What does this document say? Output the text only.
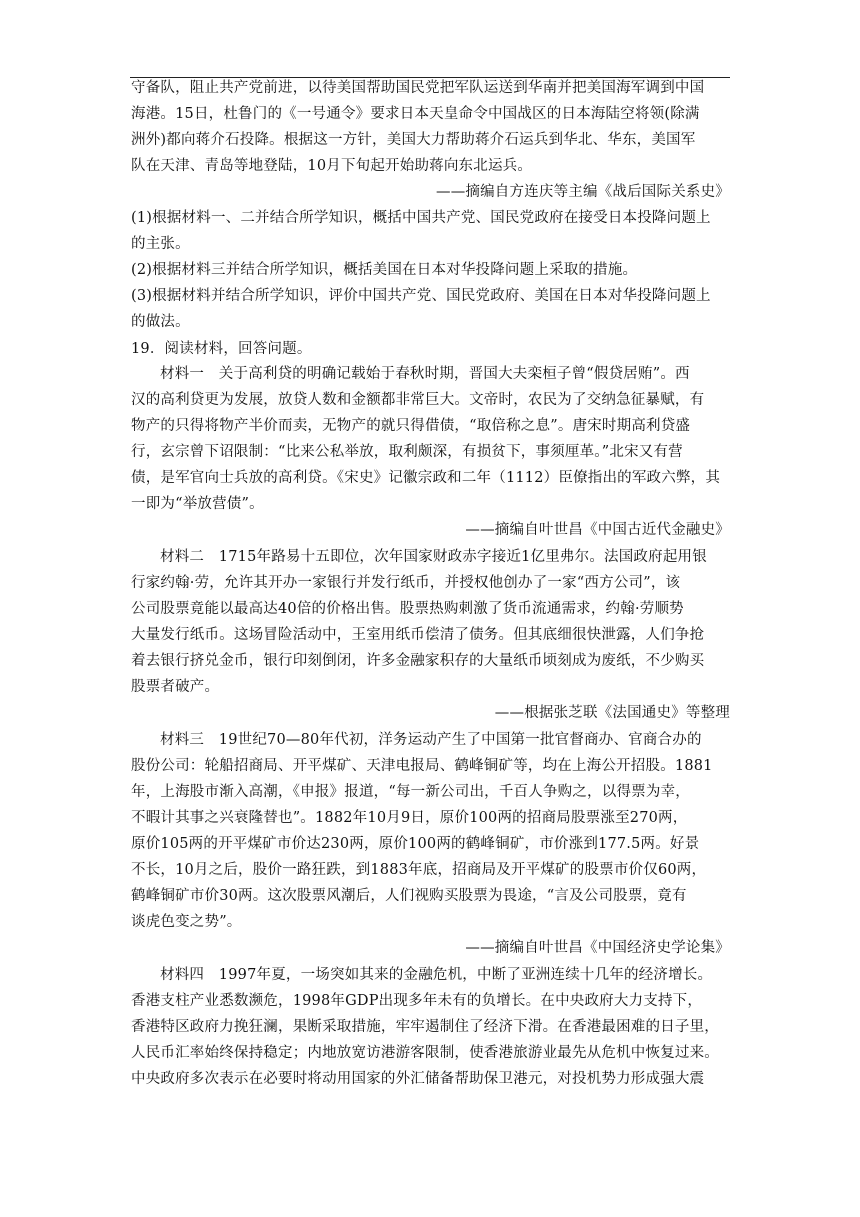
守备队，阻止共产党前进，以待美国帮助国民党把军队运送到华南并把美国海军调到中国
海港。15日，杜鲁门的《一号通令》要求日本天皇命令中国战区的日本海陆空将领(除满
洲外)都向蒋介石投降。根据这一方针，美国大力帮助蒋介石运兵到华北、华东，美国军
队在天津、青岛等地登陆，10月下旬起开始助蒋向东北运兵。
——摘编自方连庆等主编《战后国际关系史》
(1)根据材料一、二并结合所学知识，概括中国共产党、国民党政府在接受日本投降问题上
的主张。
(2)根据材料三并结合所学知识，概括美国在日本对华投降问题上采取的措施。
(3)根据材料并结合所学知识，评价中国共产党、国民党政府、美国在日本对华投降问题上
的做法。
19．阅读材料，回答问题。
材料一　关于高利贷的明确记载始于春秋时期，晋国大夫栾桓子曾“假贷居贿”。西
汉的高利贷更为发展，放贷人数和金额都非常巨大。文帝时，农民为了交纳急征暴赋，有
物产的只得将物产半价而卖，无物产的就只得借债，“取倍称之息”。唐宋时期高利贷盛
行，玄宗曾下诏限制：“比来公私举放，取利颇深，有损贫下，事须厘革。”北宋又有营
债，是军官向士兵放的高利贷。《宋史》记徽宗政和二年（1112）臣僚指出的军政六弊，其
一即为“举放营债”。
——摘编自叶世昌《中国古近代金融史》
材料二　1715年路易十五即位，次年国家财政赤字接近1亿里弗尔。法国政府起用银
行家约翰·劳，允许其开办一家银行并发行纸币，并授权他创办了一家“西方公司”，该
公司股票竟能以最高达40倍的价格出售。股票热购刺激了货币流通需求，约翰·劳顺势
大量发行纸币。这场冒险活动中，王室用纸币偿清了债务。但其底细很快泄露，人们争抢
着去银行挤兑金币，银行印刻倒闭，许多金融家积存的大量纸币顷刻成为废纸，不少购买
股票者破产。
——根据张芝联《法国通史》等整理
材料三　19世纪70—80年代初，洋务运动产生了中国第一批官督商办、官商合办的
股份公司：轮船招商局、开平煤矿、天津电报局、鹤峰铜矿等，均在上海公开招股。1881
年，上海股市渐入高潮，《申报》报道，“每一新公司出，千百人争购之，以得票为幸，
不暇计其事之兴衰隆替也”。1882年10月9日，原价100两的招商局股票涨至270两，
原价105两的开平煤矿市价达230两，原价100两的鹤峰铜矿，市价涨到177.5两。好景
不长，10月之后，股价一路狂跌，到1883年底，招商局及开平煤矿的股票市价仅60两，
鹤峰铜矿市价30两。这次股票风潮后，人们视购买股票为畏途，“言及公司股票，竟有
谈虎色变之势”。
——摘编自叶世昌《中国经济史学论集》
材料四　1997年夏，一场突如其来的金融危机，中断了亚洲连续十几年的经济增长。
香港支柱产业悉数濒危，1998年GDP出现多年未有的负增长。在中央政府大力支持下，
香港特区政府力挽狂澜，果断采取措施，牢牢遏制住了经济下滑。在香港最困难的日子里，
人民币汇率始终保持稳定；内地放宽访港游客限制，使香港旅游业最先从危机中恢复过来。
中央政府多次表示在必要时将动用国家的外汇储备帮助保卫港元，对投机势力形成强大震
